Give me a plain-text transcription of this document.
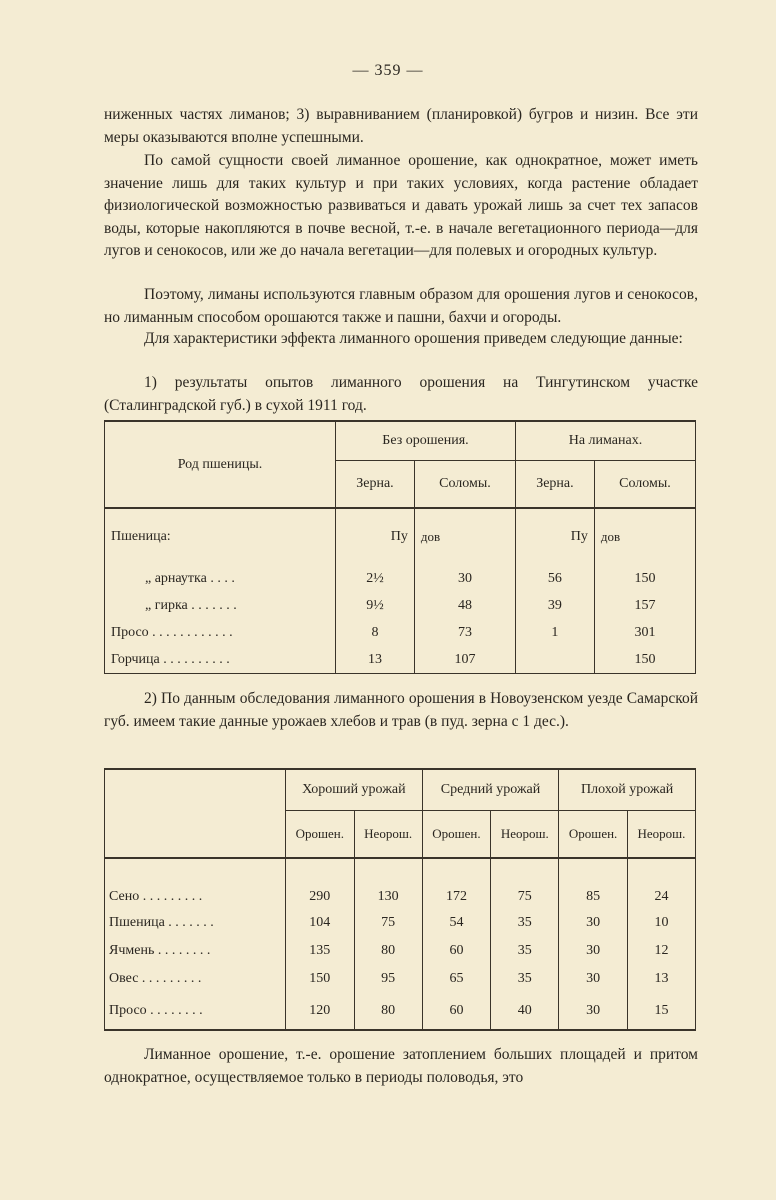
— 359 —
ниженных частях лиманов; 3) выравниванием (планировкой) бугров и низин. Все эти меры оказываются вполне успешными.
По самой сущности своей лиманное орошение, как однократное, может иметь значение лишь для таких культур и при таких условиях, когда растение обладает физиологической возможностью развиваться и давать урожай лишь за счет тех запасов воды, которые накопляются в почве весной, т.-е. в начале вегетационного периода—для лугов и сенокосов, или же до начала вегетации—для полевых и огородных культур.
Поэтому, лиманы используются главным образом для орошения лугов и сенокосов, но лиманным способом орошаются также и пашни, бахчи и огороды.
Для характеристики эффекта лиманного орошения приведем следующие данные:
1) результаты опытов лиманного орошения на Тингутинском участке (Сталинградской губ.) в сухой 1911 год.
Род пшеницы.	Без орошения.		На лиманах.	
	Зерна.	Соломы.	Зерна.	Соломы.
Пшеница:	Пу	дов	Пу	дов
„ арнаутка . . . .	2½	30	56	150
„ гирка . . . . . . .	9½	48	39	157
Просо . . . . . . . . . . . .	8	73	1	301
Горчица . . . . . . . . . .	13	107		150
2) По данным обследования лиманного орошения в Новоузенском уезде Самарской губ. имеем такие данные урожаев хлебов и трав (в пуд. зерна с 1 дес.).
	Хороший урожай		Средний урожай		Плохой урожай	
	Орошен.	Неорош.	Орошен.	Неорош.	Орошен.	Неорош.
Сено . . . . . . . . .	290	130	172	75	85	24
Пшеница . . . . . . .	104	75	54	35	30	10
Ячмень . . . . . . . .	135	80	60	35	30	12
Овес . . . . . . . . .	150	95	65	35	30	13
Просо . . . . . . . .	120	80	60	40	30	15
Лиманное орошение, т.-е. орошение затоплением больших площадей и притом однократное, осуществляемое только в периоды половодья, это
